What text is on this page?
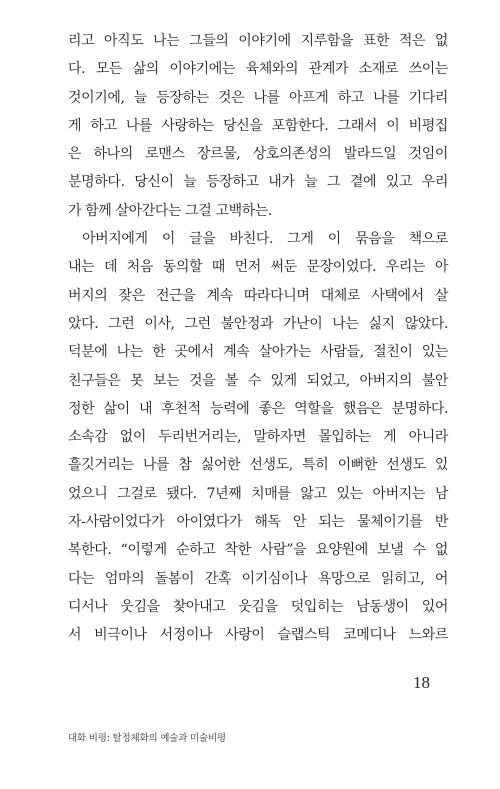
리고 아직도 나는 그들의 이야기에 지루함을 표한 적은 없
다. 모든 삶의 이야기에는 육체와의 관계가 소재로 쓰이는
것이기에, 늘 등장하는 것은 나를 아프게 하고 나를 기다리
게 하고 나를 사랑하는 당신을 포함한다. 그래서 이 비평집
은 하나의 로맨스 장르물, 상호의존성의 발라드일 것임이
분명하다. 당신이 늘 등장하고 내가 늘 그 곁에 있고 우리
가 함께 살아간다는 그걸 고백하는.
아버지에게 이 글을 바친다. 그게 이 묶음을 책으로
내는 데 처음 동의할 때 먼저 써둔 문장이었다. 우리는 아
버지의 잦은 전근을 계속 따라다니며 대체로 사택에서 살
았다. 그런 이사, 그런 불안정과 가난이 나는 싫지 않았다.
덕분에 나는 한 곳에서 계속 살아가는 사람들, 절친이 있는
친구들은 못 보는 것을 볼 수 있게 되었고, 아버지의 불안
정한 삶이 내 후천적 능력에 좋은 역할을 했음은 분명하다.
소속감 없이 두리번거리는, 말하자면 몰입하는 게 아니라
흘깃거리는 나를 참 싫어한 선생도, 특히 이뻐한 선생도 있
었으니 그걸로 됐다. 7년째 치매를 앓고 있는 아버지는 남
자-사람이었다가 아이였다가 해독 안 되는 물체이기를 반
복한다. “이렇게 순하고 착한 사람”을 요양원에 보낼 수 없
다는 엄마의 돌봄이 간혹 이기심이나 욕망으로 읽히고, 어
디서나 웃김을 찾아내고 웃김을 덧입히는 남동생이 있어
서 비극이나 서정이나 사랑이 슬랩스틱 코메디나 느와르
18
대화 비평: 탈정체화의 예술과 미술비평
